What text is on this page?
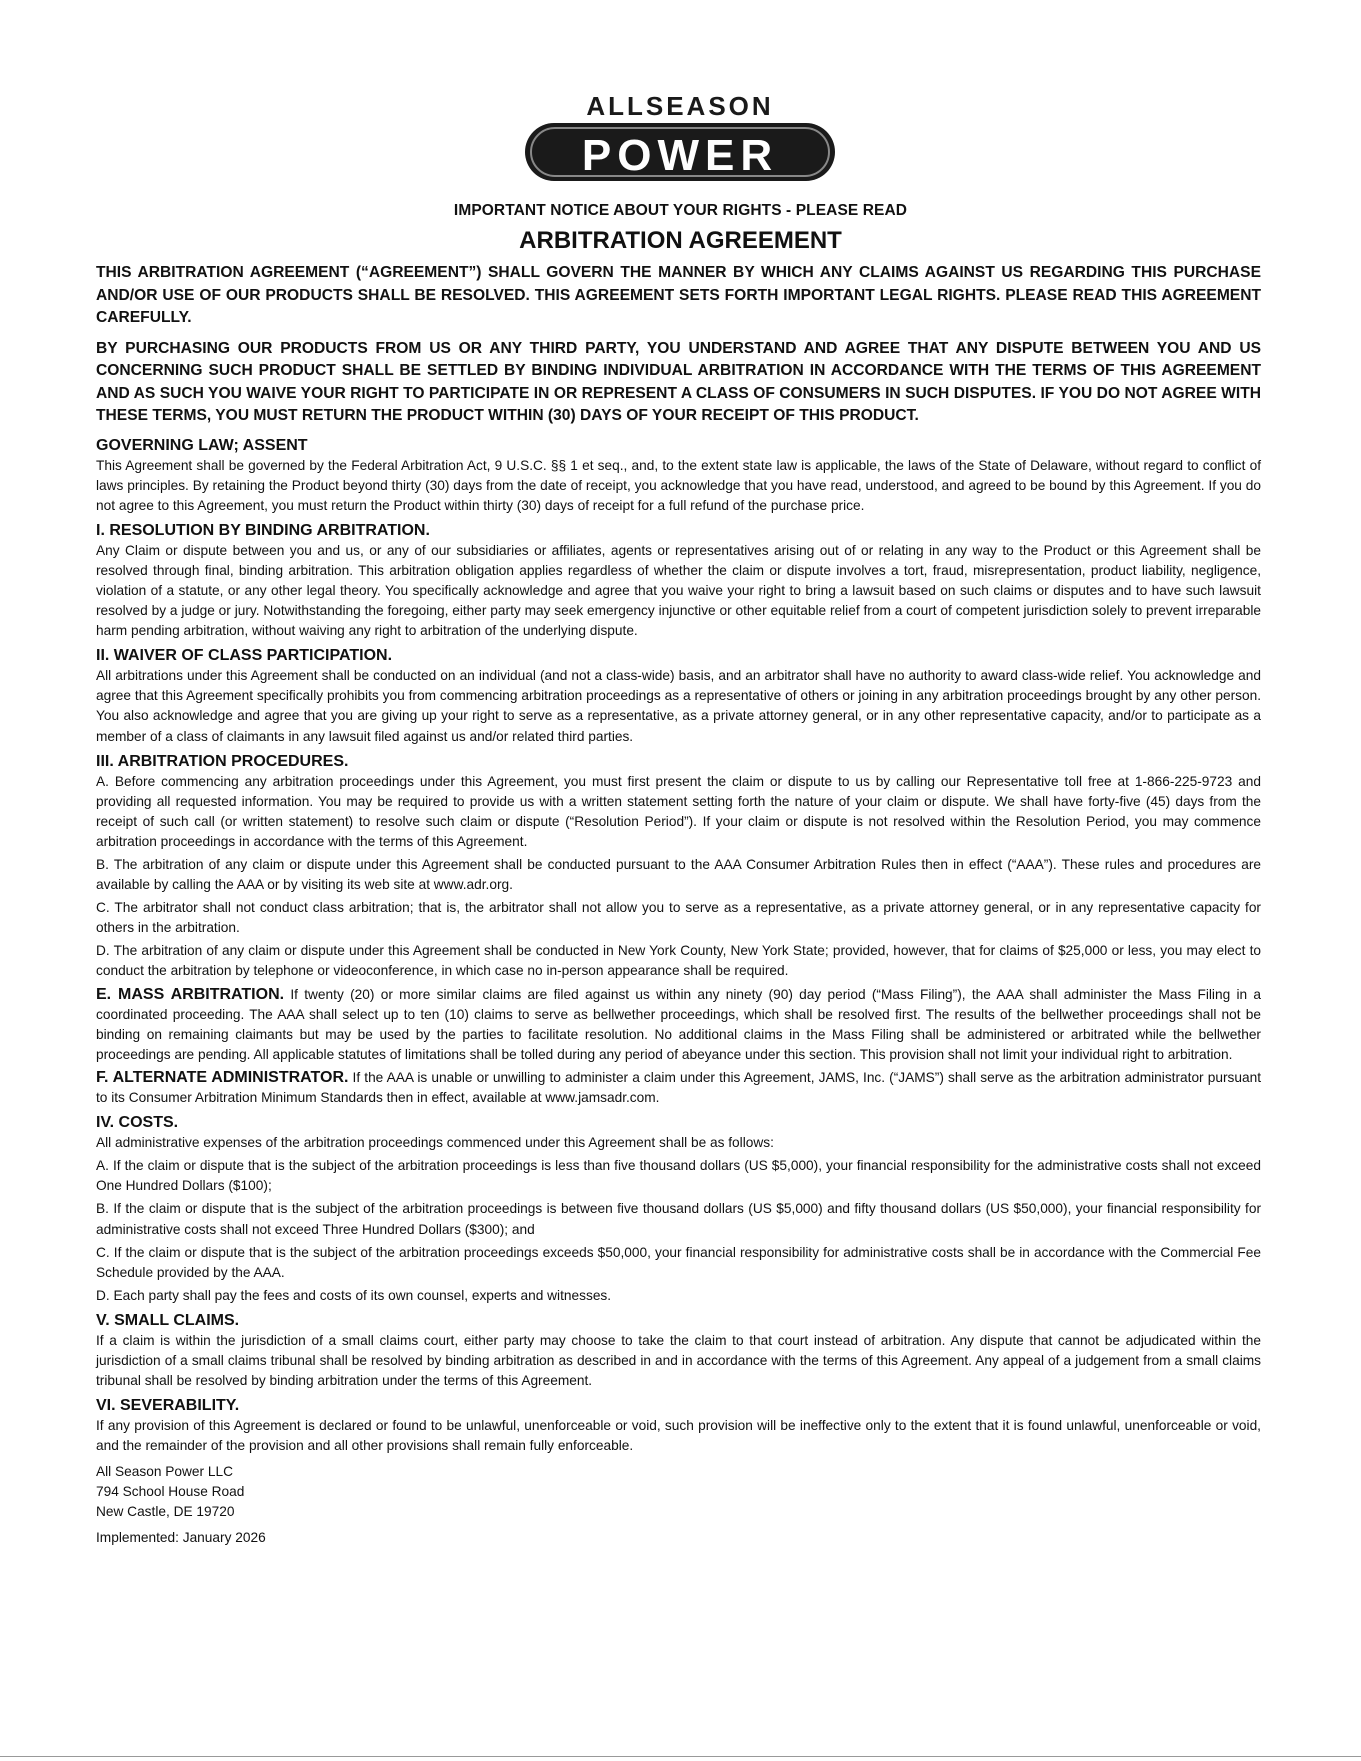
ALLSEASON
POWER
IMPORTANT NOTICE ABOUT YOUR RIGHTS - PLEASE READ
ARBITRATION AGREEMENT

THIS ARBITRATION AGREEMENT (“AGREEMENT”) SHALL GOVERN THE MANNER BY WHICH ANY CLAIMS AGAINST US REGARDING THIS PURCHASE AND/OR USE OF OUR PRODUCTS SHALL BE RESOLVED. THIS AGREEMENT SETS FORTH IMPORTANT LEGAL RIGHTS. PLEASE READ THIS AGREEMENT CAREFULLY.

BY PURCHASING OUR PRODUCTS FROM US OR ANY THIRD PARTY, YOU UNDERSTAND AND AGREE THAT ANY DISPUTE BETWEEN YOU AND US CONCERNING SUCH PRODUCT SHALL BE SETTLED BY BINDING INDIVIDUAL ARBITRATION IN ACCORDANCE WITH THE TERMS OF THIS AGREEMENT AND AS SUCH YOU WAIVE YOUR RIGHT TO PARTICIPATE IN OR REPRESENT A CLASS OF CONSUMERS IN SUCH DISPUTES. IF YOU DO NOT AGREE WITH THESE TERMS, YOU MUST RETURN THE PRODUCT WITHIN (30) DAYS OF YOUR RECEIPT OF THIS PRODUCT.

GOVERNING LAW; ASSENT

This Agreement shall be governed by the Federal Arbitration Act, 9 U.S.C. §§ 1 et seq., and, to the extent state law is applicable, the laws of the State of Delaware, without regard to conflict of laws principles. By retaining the Product beyond thirty (30) days from the date of receipt, you acknowledge that you have read, understood, and agreed to be bound by this Agreement. If you do not agree to this Agreement, you must return the Product within thirty (30) days of receipt for a full refund of the purchase price.

I. RESOLUTION BY BINDING ARBITRATION.

Any Claim or dispute between you and us, or any of our subsidiaries or affiliates, agents or representatives arising out of or relating in any way to the Product or this Agreement shall be resolved through final, binding arbitration. This arbitration obligation applies regardless of whether the claim or dispute involves a tort, fraud, misrepresentation, product liability, negligence, violation of a statute, or any other legal theory. You specifically acknowledge and agree that you waive your right to bring a lawsuit based on such claims or disputes and to have such lawsuit resolved by a judge or jury. Notwithstanding the foregoing, either party may seek emergency injunctive or other equitable relief from a court of competent jurisdiction solely to prevent irreparable harm pending arbitration, without waiving any right to arbitration of the underlying dispute.

II. WAIVER OF CLASS PARTICIPATION.

All arbitrations under this Agreement shall be conducted on an individual (and not a class-wide) basis, and an arbitrator shall have no authority to award class-wide relief. You acknowledge and agree that this Agreement specifically prohibits you from commencing arbitration proceedings as a representative of others or joining in any arbitration proceedings brought by any other person. You also acknowledge and agree that you are giving up your right to serve as a representative, as a private attorney general, or in any other representative capacity, and/or to participate as a member of a class of claimants in any lawsuit filed against us and/or related third parties.

III. ARBITRATION PROCEDURES.

A. Before commencing any arbitration proceedings under this Agreement, you must first present the claim or dispute to us by calling our Representative toll free at 1-866-225-9723 and providing all requested information. You may be required to provide us with a written statement setting forth the nature of your claim or dispute. We shall have forty-five (45) days from the receipt of such call (or written statement) to resolve such claim or dispute (“Resolution Period”). If your claim or dispute is not resolved within the Resolution Period, you may commence arbitration proceedings in accordance with the terms of this Agreement.

B. The arbitration of any claim or dispute under this Agreement shall be conducted pursuant to the AAA Consumer Arbitration Rules then in effect (“AAA”). These rules and procedures are available by calling the AAA or by visiting its web site at www.adr.org.

C. The arbitrator shall not conduct class arbitration; that is, the arbitrator shall not allow you to serve as a representative, as a private attorney general, or in any representative capacity for others in the arbitration.

D. The arbitration of any claim or dispute under this Agreement shall be conducted in New York County, New York State; provided, however, that for claims of $25,000 or less, you may elect to conduct the arbitration by telephone or videoconference, in which case no in-person appearance shall be required.

E. MASS ARBITRATION. If twenty (20) or more similar claims are filed against us within any ninety (90) day period (“Mass Filing”), the AAA shall administer the Mass Filing in a coordinated proceeding. The AAA shall select up to ten (10) claims to serve as bellwether proceedings, which shall be resolved first. The results of the bellwether proceedings shall not be binding on remaining claimants but may be used by the parties to facilitate resolution. No additional claims in the Mass Filing shall be administered or arbitrated while the bellwether proceedings are pending. All applicable statutes of limitations shall be tolled during any period of abeyance under this section. This provision shall not limit your individual right to arbitration.

F. ALTERNATE ADMINISTRATOR. If the AAA is unable or unwilling to administer a claim under this Agreement, JAMS, Inc. (“JAMS”) shall serve as the arbitration administrator pursuant to its Consumer Arbitration Minimum Standards then in effect, available at www.jamsadr.com.

IV. COSTS.

All administrative expenses of the arbitration proceedings commenced under this Agreement shall be as follows:

A. If the claim or dispute that is the subject of the arbitration proceedings is less than five thousand dollars (US $5,000), your financial responsibility for the administrative costs shall not exceed One Hundred Dollars ($100);

B. If the claim or dispute that is the subject of the arbitration proceedings is between five thousand dollars (US $5,000) and fifty thousand dollars (US $50,000), your financial responsibility for administrative costs shall not exceed Three Hundred Dollars ($300); and

C. If the claim or dispute that is the subject of the arbitration proceedings exceeds $50,000, your financial responsibility for administrative costs shall be in accordance with the Commercial Fee Schedule provided by the AAA.

D. Each party shall pay the fees and costs of its own counsel, experts and witnesses.

V. SMALL CLAIMS.

If a claim is within the jurisdiction of a small claims court, either party may choose to take the claim to that court instead of arbitration. Any dispute that cannot be adjudicated within the jurisdiction of a small claims tribunal shall be resolved by binding arbitration as described in and in accordance with the terms of this Agreement. Any appeal of a judgement from a small claims tribunal shall be resolved by binding arbitration under the terms of this Agreement.

VI. SEVERABILITY.

If any provision of this Agreement is declared or found to be unlawful, unenforceable or void, such provision will be ineffective only to the extent that it is found unlawful, unenforceable or void, and the remainder of the provision and all other provisions shall remain fully enforceable.

All Season Power LLC
794 School House Road
New Castle, DE 19720
Implemented: January 2026
